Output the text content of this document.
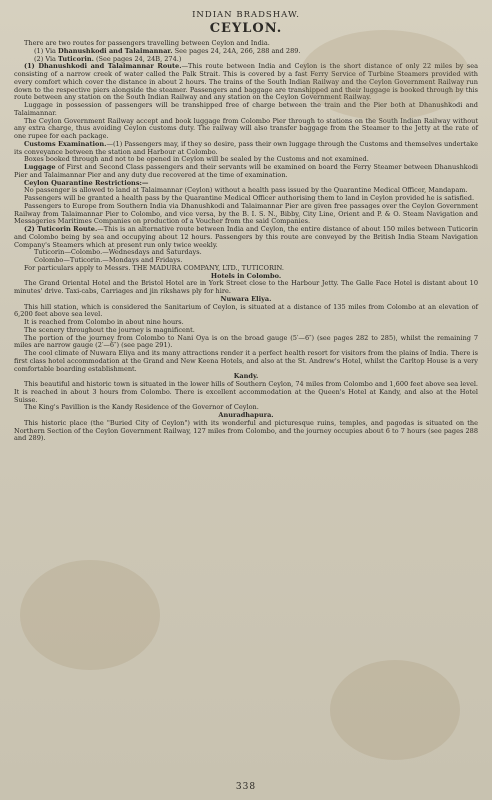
INDIAN BRADSHAW.
CEYLON.

There are two routes for passengers travelling between Ceylon and India.

(1) Via Dhanushkodi and Talaimannar. See pages 24, 24A, 266, 288 and 289.

(2) Via Tuticorin. (See pages 24, 24B, 274.)

(1) Dhanushkodi and Talaimannar Route.—This route between India and Ceylon is the short distance of only 22 miles by sea consisting of a narrow creek of water called the Palk Strait. This is covered by a fast Ferry Service of Turbine Steamers provided with every comfort which cover the distance in about 2 hours. The trains of the South Indian Railway and the Ceylon Government Railway run down to the respective piers alongside the steamer. Passengers and baggage are transhipped and their luggage is booked through by this route between any station on the South Indian Railway and any station on the Ceylon Government Railway.

Luggage in possession of passengers will be transhipped free of charge between the train and the Pier both at Dhanushkodi and Talaimannar.

The Ceylon Government Railway accept and book luggage from Colombo Pier through to stations on the South Indian Railway without any extra charge, thus avoiding Ceylon customs duty. The railway will also transfer baggage from the Steamer to the Jetty at the rate of one rupee for each package.

Customs Examination.—(1) Passengers may, if they so desire, pass their own luggage through the Customs and themselves undertake its conveyance between the station and Harbour at Colombo.

Boxes booked through and not to be opened in Ceylon will be sealed by the Customs and not examined.

Luggage of First and Second Class passengers and their servants will be examined on board the Ferry Steamer between Dhanushkodi Pier and Talaimannar Pier and any duty due recovered at the time of examination.

Ceylon Quarantine Restrictions:—

No passenger is allowed to land at Talaimannar (Ceylon) without a health pass issued by the Quarantine Medical Officer, Mandapam.

Passengers will be granted a health pass by the Quarantine Medical Officer authorising them to land in Ceylon provided he is satisfied.

Passengers to Europe from Southern India via Dhanushkodi and Talaimannar Pier are given free passages over the Ceylon Government Railway from Talaimannar Pier to Colombo, and vice versa, by the B. I. S. N., Bibby, City Line, Orient and P. & O. Steam Navigation and Messageries Maritimes Companies on production of a Voucher from the said Companies.

(2) Tuticorin Route.—This is an alternative route between India and Ceylon, the entire distance of about 150 miles between Tuticorin and Colombo being by sea and occupying about 12 hours. Passengers by this route are conveyed by the British India Steam Navigation Company's Steamers which at present run only twice weekly.

Tuticorin—Colombo.—Wednesdays and Saturdays.

Colombo—Tuticorin.—Mondays and Fridays.

For particulars apply to Messrs. THE MADURA COMPANY, LTD., TUTICORIN.

Hotels in Colombo.

The Grand Oriental Hotel and the Bristol Hotel are in York Street close to the Harbour Jetty. The Galle Face Hotel is distant about 10 minutes' drive. Taxi-cabs, Carriages and jin rikshaws ply for hire.

Nuwara Eliya.

This hill station, which is considered the Sanitarium of Ceylon, is situated at a distance of 135 miles from Colombo at an elevation of 6,200 feet above sea level.

It is reached from Colombo in about nine hours.

The scenery throughout the journey is magnificent.

The portion of the journey from Colombo to Nani Oya is on the broad gauge (5′—6″) (see pages 282 to 285), whilst the remaining 7 miles are narrow gauge (2′—6″) (see page 291).

The cool climate of Nuwara Eliya and its many attractions render it a perfect health resort for visitors from the plains of India. There is first class hotel accommodation at the Grand and New Keena Hotels, and also at the St. Andrew's Hotel, whilst the Carltop House is a very comfortable boarding establishment.

Kandy.

This beautiful and historic town is situated in the lower hills of Southern Ceylon, 74 miles from Colombo and 1,600 feet above sea level. It is reached in about 3 hours from Colombo. There is excellent accommodation at the Queen's Hotel at Kandy, and also at the Hotel Suisse.

The King's Pavillion is the Kandy Residence of the Governor of Ceylon.

Anuradhapura.

This historic place (the "Buried City of Ceylon") with its wonderful and picturesque ruins, temples, and pagodas is situated on the Northern Section of the Ceylon Government Railway, 127 miles from Colombo, and the journey occupies about 6 to 7 hours (see pages 288 and 289).

338
